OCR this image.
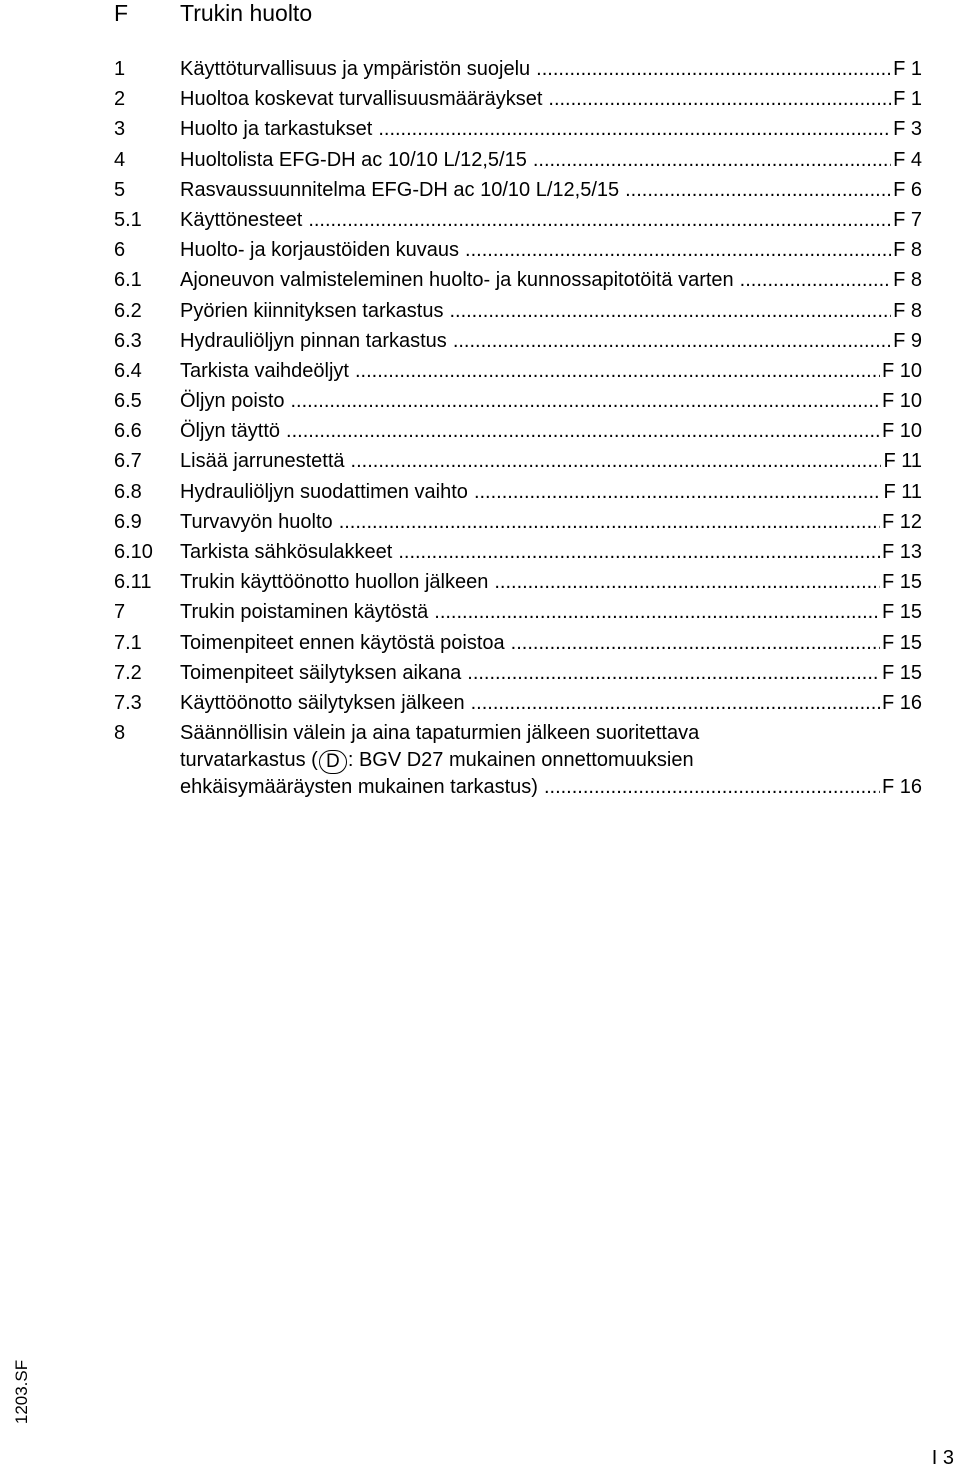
F Trukin huolto
1	Käyttöturvallisuus ja ympäristön suojelu .....	F 1
2	Huoltoa koskevat turvallisuusmääräykset .....	F 1
3	Huolto ja tarkastukset .....	F 3
4	Huoltolista EFG-DH ac 10/10 L/12,5/15 .....	F 4
5	Rasvaussuunnitelma EFG-DH ac 10/10 L/12,5/15 .....	F 6
5.1 Käyttönesteet .....	F 7
6	Huolto- ja korjaustöiden kuvaus .....	F 8
6.1 Ajoneuvon valmisteleminen huolto- ja kunnossapitotöitä varten .....	F 8
6.2 Pyörien kiinnityksen tarkastus .....	F 8
6.3 Hydrauliöljyn pinnan tarkastus .....	F 9
6.4 Tarkista vaihdeöljyt .....	F 10
6.5 Öljyn poisto .....	F 10
6.6 Öljyn täyttö .....	F 10
6.7 Lisää jarrunestettä .....	F 11
6.8 Hydrauliöljyn suodattimen vaihto .....	F 11
6.9 Turvavyön huolto .....	F 12
6.10 Tarkista sähkösulakkeet .....	F 13
6.11 Trukin käyttöönotto huollon jälkeen .....	F 15
7	Trukin poistaminen käytöstä .....	F 15
7.1 Toimenpiteet ennen käytöstä poistoa .....	F 15
7.2 Toimenpiteet säilytyksen aikana .....	F 15
7.3 Käyttöönotto säilytyksen jälkeen .....	F 16
8	Säännöllisin välein ja aina tapaturmien jälkeen suoritettava
turvatarkastus ( D : BGV D27 mukainen onnettomuuksien
ehkäisymääräysten mukainen tarkastus) .....	F 16
1203.SF
I 3
